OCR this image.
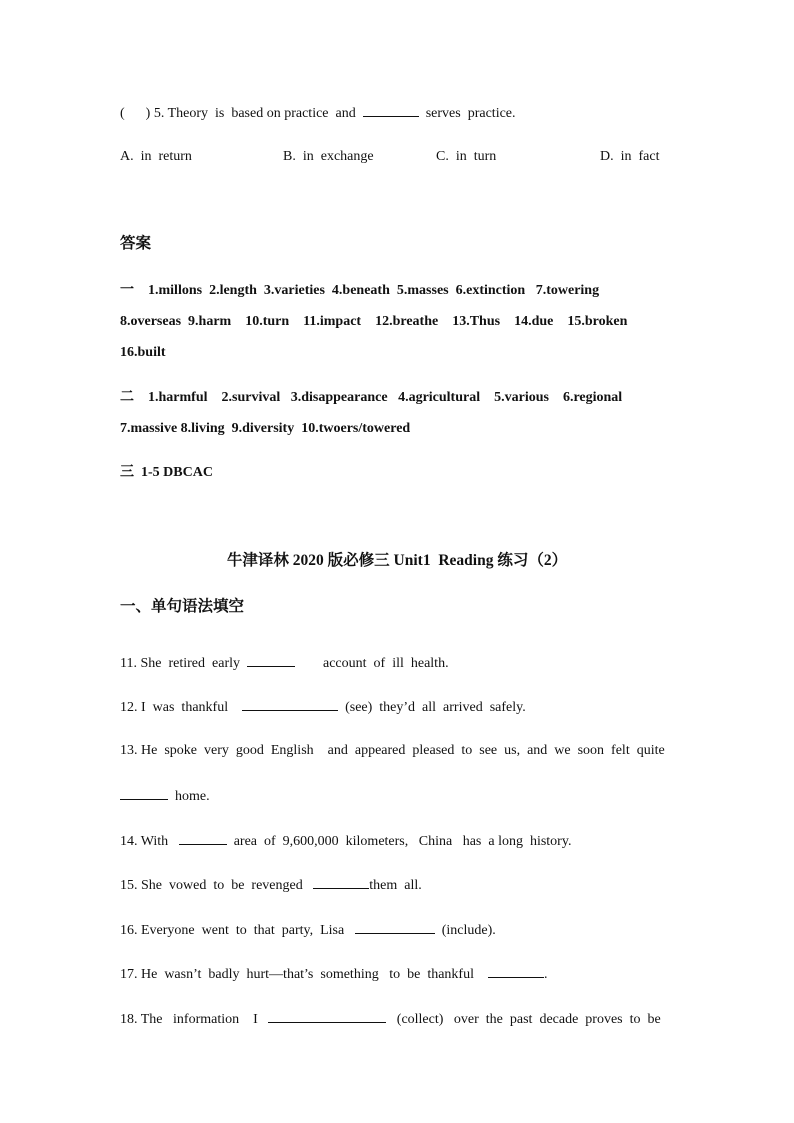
(      ) 5. Theory  is  based on practice  and	serves  practice.
A.  in  return	B.  in  exchange	C.  in  turn	D.  in  fact
答案
一    1.millons  2.length  3.varieties  4.beneath  5.masses  6.extinction   7.towering
8.overseas  9.harm    10.turn    11.impact    12.breathe    13.Thus    14.due    15.broken
16.built
二    1.harmful    2.survival   3.disappearance   4.agricultural    5.various    6.regional
7.massive 8.living  9.diversity  10.twoers/towered
三  1-5 DBCAC
牛津译林 2020 版必修三 Unit1  Reading 练习（2）
一、单句语法填空
11. She  retired  early	account  of  ill  health.
12. I  was  thankful	(see)  they’d  all  arrived  safely.
13. He  spoke  very  good  English    and  appeared  pleased  to  see  us,  and  we  soon  felt  quite
home.
14. With	area  of  9,600,000  kilometers,   China   has  a long  history.
15. She  vowed  to  be  revenged	them  all.
16. Everyone  went  to  that  party,  Lisa	(include).
17. He  wasn’t  badly  hurt—that’s  something   to  be  thankful	.
18. The   information    I	(collect)   over  the  past  decade  proves  to  be
